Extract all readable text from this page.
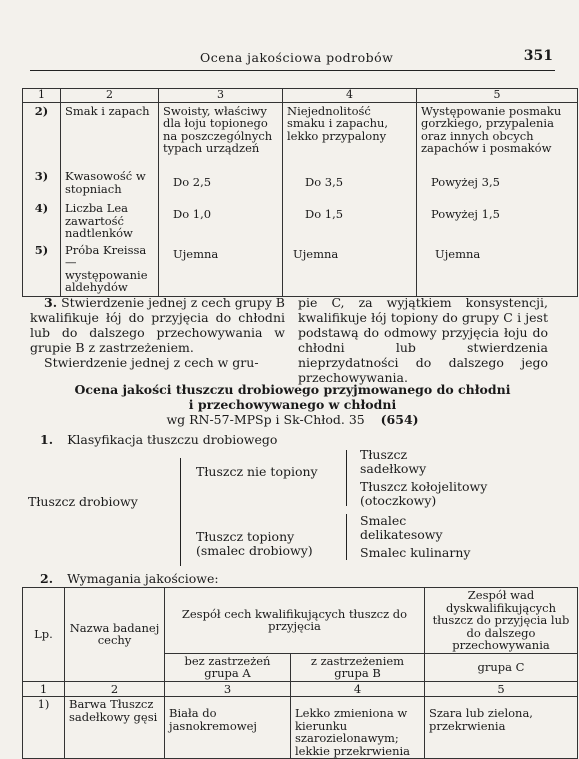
Ocena jakościowa podrobów	351
1	2	3	4	5
2)	Smak i zapach	Swoisty, właściwy dla łoju topionego na poszczególnych typach urządzeń	Niejednolitość smaku i zapachu, lekko przypalony	Występowanie posmaku gorzkiego, przypalenia oraz innych obcych zapachów i posmaków
3)	Kwasowość w stopniach	Do 2,5	Do 3,5	Powyżej 3,5
4)	Liczba Lea zawartość nadtlenków	Do 1,0	Do 1,5	Powyżej 1,5
5)	Próba Kreissa — występowanie aldehydów	Ujemna	Ujemna	Ujemna

3. Stwierdzenie jednej z cech grupy B kwalifikuje łój do przyjęcia do chłodni lub do dalszego przechowywania w grupie B z zastrzeżeniem.

Stwierdzenie jednej z cech w gru-

pie C, za wyjątkiem konsystencji, kwalifikuje łój topiony do grupy C i jest podstawą do odmowy przyjęcia łoju do chłodni lub stwierdzenia nieprzydatności do dalszego jego przechowywania.

Ocena jakości tłuszczu drobiowego przyjmowanego do chłodni
i przechowywanego w chłodni
wg RN-57-MPSp i Sk-Chłod. 35 (654)
1. Klasyfikacja tłuszczu drobiowego
Tłuszcz drobiowy
Tłuszcz nie topiony
Tłuszcz topiony
(smalec drobiowy)
Tłuszcz sadełkowy
Tłuszcz kołojelitowy (otoczkowy)
Smalec delikatesowy
Smalec kulinarny
2. Wymagania jakościowe:
Lp.	Nazwa badanej cechy	Zespół cech kwalifikujących tłuszcz do przyjęcia		Zespół wad dyskwalifikujących tłuszcz do przyjęcia lub do dalszego przechowywania
		bez zastrzeżeń grupa A	z zastrzeżeniem grupa B	grupa C
1	2	3	4	5
1)	Barwa Tłuszcz sadełkowy gęsi	Biała do jasnokremowej	Lekko zmieniona w kierunku szarozielonawym; lekkie przekrwienia	Szara lub zielona, przekrwienia
